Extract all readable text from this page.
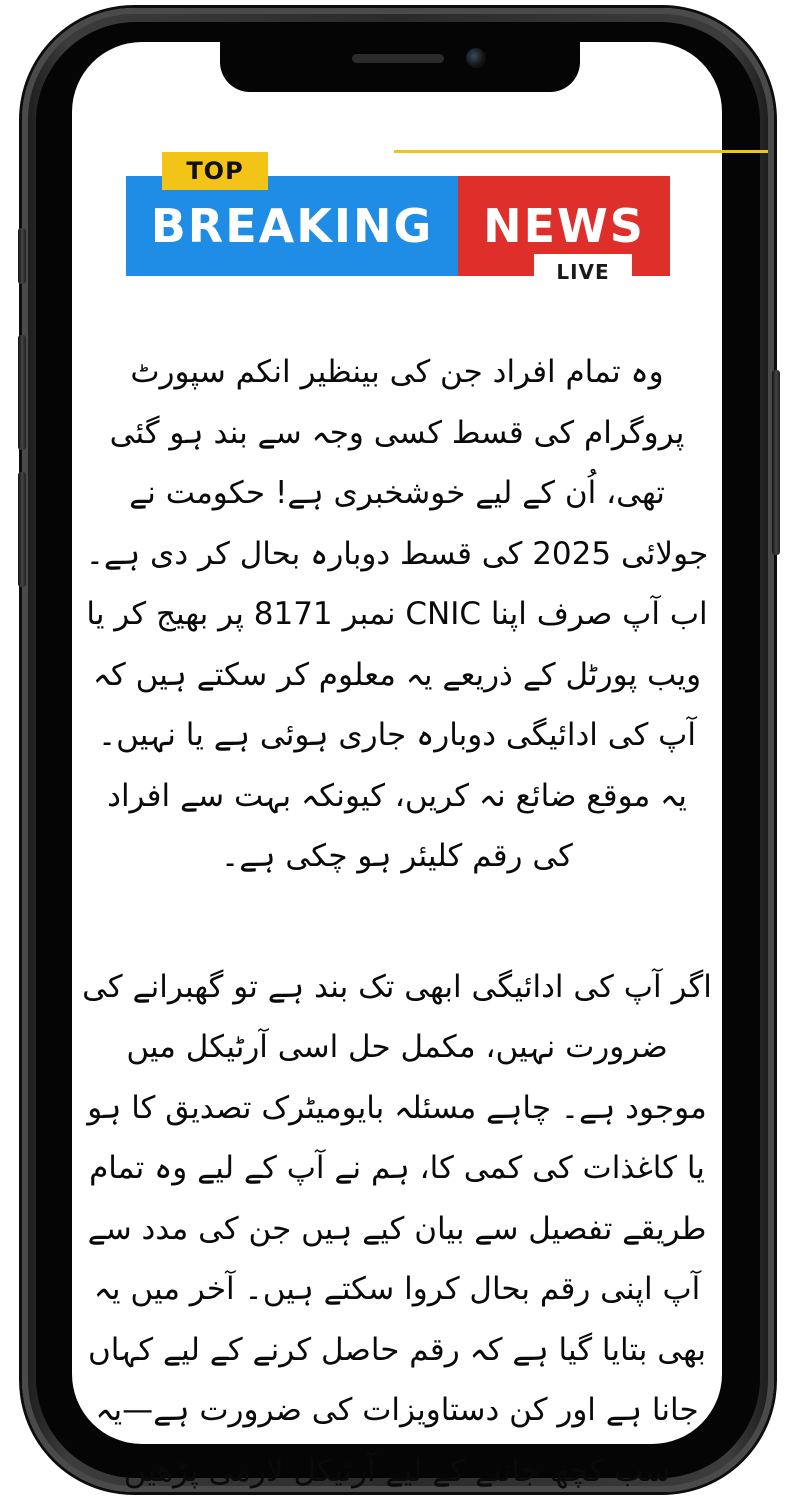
BREAKING	NEWS
TOP
LIVE

وہ تمام افراد جن کی بینظیر انکم سپورٹ پروگرام کی قسط کسی وجہ سے بند ہو گئی تھی، اُن کے لیے خوشخبری ہے! حکومت نے جولائی 2025 کی قسط دوبارہ بحال کر دی ہے۔ اب آپ صرف اپنا CNIC نمبر 8171 پر بھیج کر یا ویب پورٹل کے ذریعے یہ معلوم کر سکتے ہیں کہ آپ کی ادائیگی دوبارہ جاری ہوئی ہے یا نہیں۔ یہ موقع ضائع نہ کریں، کیونکہ بہت سے افراد کی رقم کلیئر ہو چکی ہے۔

اگر آپ کی ادائیگی ابھی تک بند ہے تو گھبرانے کی ضرورت نہیں، مکمل حل اسی آرٹیکل میں موجود ہے۔ چاہے مسئلہ بایومیٹرک تصدیق کا ہو یا کاغذات کی کمی کا، ہم نے آپ کے لیے وہ تمام طریقے تفصیل سے بیان کیے ہیں جن کی مدد سے آپ اپنی رقم بحال کروا سکتے ہیں۔ آخر میں یہ بھی بتایا گیا ہے کہ رقم حاصل کرنے کے لیے کہاں جانا ہے اور کن دستاویزات کی ضرورت ہے—یہ سب کچھ جاننے کے لیے آرٹیکل لازمی پڑھیں
